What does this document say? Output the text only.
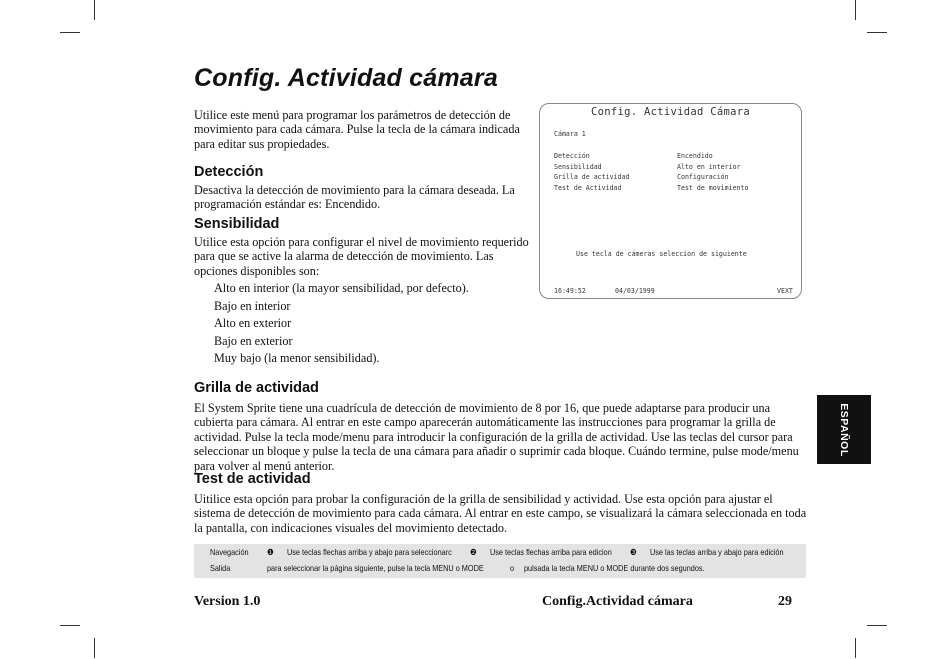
Config. Actividad cámara

Utilice este menú para programar los parámetros de detección de movimiento para cada cámara. Pulse la tecla de la cámara indicada para editar sus propiedades.

Detección

Desactiva la detección de movimiento para la cámara deseada. La programación estándar es: Encendido.

Sensibilidad

Utilice esta opción para configurar el nivel de movimiento requerido para que se active la alarma de detección de movimiento. Las opciones disponibles son:

Alto en interior (la mayor sensibilidad, por defecto).
Bajo en interior
Alto en exterior
Bajo en exterior
Muy bajo (la menor sensibilidad).
Config. Actividad Cámara
Cámara 1
Detección	Encendido
Sensibilidad	Alto en interior
Grilla de actividad	Configuración
Test de Actividad	Test de movimiento
Use tecla de cámeras seleccion de siguiente
16:49:52	04/03/1999	VEXT
Grilla de actividad

El System Sprite tiene una cuadrícula de detección de movimiento de 8 por 16, que puede adaptarse para producir una cubierta para cámara. Al entrar en este campo aparecerán automáticamente las instrucciones para programar la grilla de actividad. Pulse la tecla mode/menu para introducir la configuración de la grilla de actividad. Use las teclas del cursor para seleccionar un bloque y pulse la tecla de una cámara para añadir o suprimir cada bloque. Cuándo termine, pulse mode/menu para volver al menú anterior.

Test de actividad

Uitilice esta opción para probar la configuración de la grilla de sensibilidad y actividad. Use esta opción para ajustar el sistema de detección de movimiento para cada cámara. Al entrar en este campo, se visualizará la cámara seleccionada en toda la pantalla, con indicaciones visuales del movimiento detectado.

ESPAÑOL
Navegación ❶ Use teclas flechas arriba y abajo para seleccionarc ❷ Use teclas flechas arriba para edicion ❸ Use las teclas arriba y abajo para edición
Salida	para seleccionar la página siguiente, pulse la tecla MENU o MODE	o pulsada la tecla MENU o MODE durante dos segundos.

Version 1.0	Config.Actividad cámara	29
